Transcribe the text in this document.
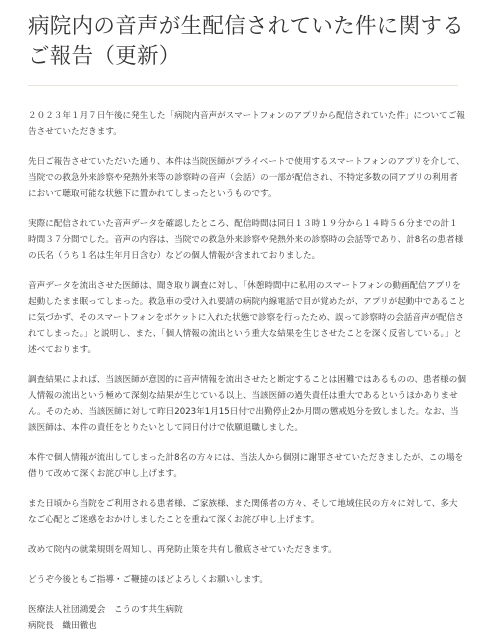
病院内の音声が生配信されていた件に関するご報告（更新）

２０２３年１月７日午後に発生した「病院内音声がスマートフォンのアプリから配信されていた件」についてご報告させていただきます。

先日ご報告させていただいた通り、本件は当院医師がプライベートで使用するスマートフォンのアプリを介して、当院での救急外来診察や発熱外来等の診察時の音声（会話）の一部が配信され、不特定多数の同アプリの利用者において聴取可能な状態下に置かれてしまったというものです。

実際に配信されていた音声データを確認したところ、配信時間は同日１３時１９分から１４時５６分までの計１時間３７分間でした。音声の内容は、当院での救急外来診察や発熱外来の診察時の会話等であり、計8名の患者様の氏名（うち１名は生年月日含む）などの個人情報が含まれておりました。

音声データを流出させた医師は、聞き取り調査に対し、「休憩時間中に私用のスマートフォンの動画配信アプリを起動したまま眠ってしまった。救急車の受け入れ要請の病院内線電話で目が覚めたが、アプリが起動中であることに気づかず、そのスマートフォンをポケットに入れた状態で診察を行ったため、誤って診察時の会話音声が配信されてしまった。」と説明し、また、「個人情報の流出という重大な結果を生じさせたことを深く反省している。」と述べております。

調査結果によれば、当該医師が意図的に音声情報を流出させたと断定することは困難ではあるものの、患者様の個人情報の流出という極めて深刻な結果が生じている以上、当該医師の過失責任は重大であるというほかありません。そのため、当該医師に対して昨日2023年1月15日付で出勤停止2か月間の懲戒処分を致しました。なお、当該医師は、本件の責任をとりたいとして同日付けで依願退職しました。

本件で個人情報が流出してしまった計8名の方々には、当法人から個別に謝罪させていただきましたが、この場を借りて改めて深くお詫び申し上げます。

また日頃から当院をご利用される患者様、ご家族様、また関係者の方々、そして地域住民の方々に対して、多大なご心配とご迷惑をおかけしましたことを重ねて深くお詫び申し上げます。

改めて院内の就業規則を周知し、再発防止策を共有し徹底させていただきます。

どうぞ今後ともご指導・ご鞭撻のほどよろしくお願いします。

医療法人社団鴻愛会　こうのす共生病院

病院長　織田徹也
